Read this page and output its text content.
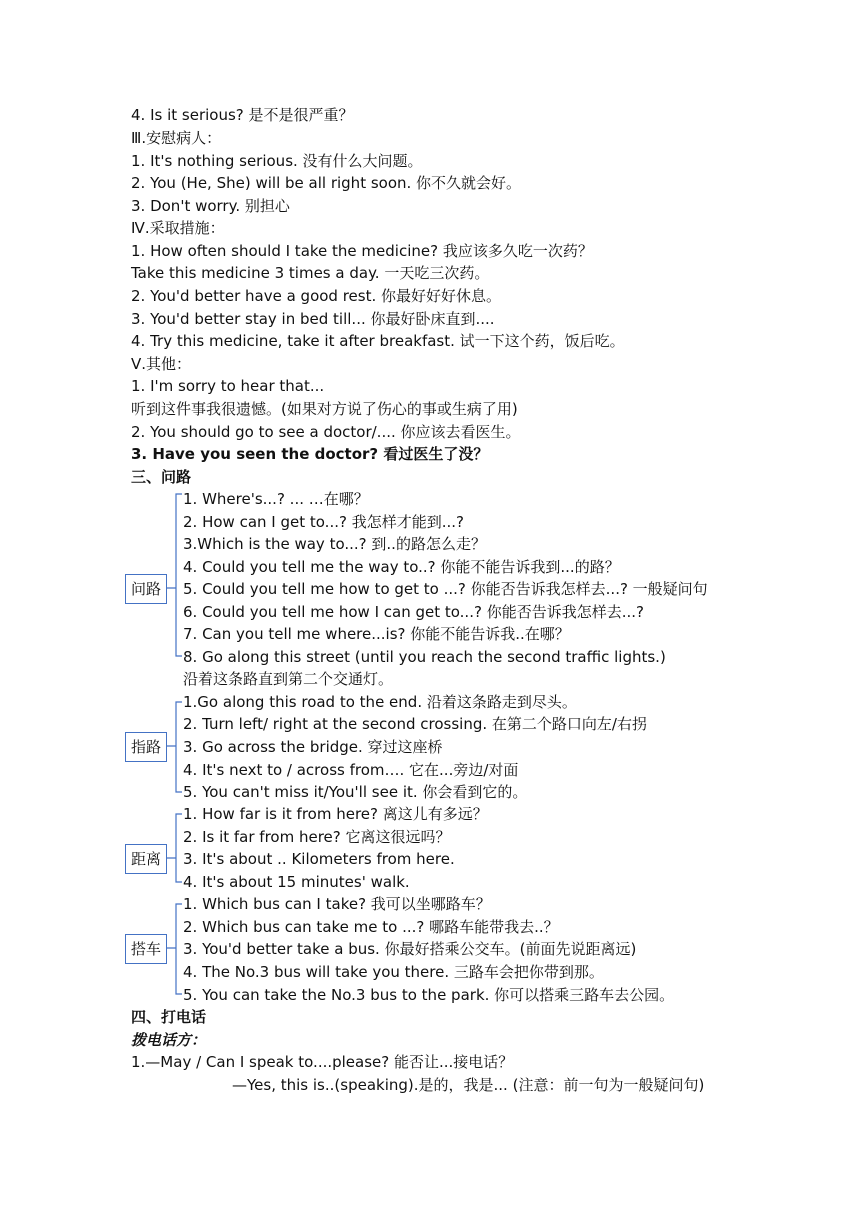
4. Is it serious? 是不是很严重？
Ⅲ.安慰病人：
1. It's nothing serious. 没有什么大问题。
2. You (He, She) will be all right soon. 你不久就会好。
3. Don't worry. 别担心
Ⅳ.采取措施：
1. How often should I take the medicine? 我应该多久吃一次药？
Take this medicine 3 times a day. 一天吃三次药。
2. You'd better have a good rest. 你最好好好休息。
3. You'd better stay in bed till... 你最好卧床直到....
4. Try this medicine, take it after breakfast. 试一下这个药，饭后吃。
Ⅴ.其他：
1. I'm sorry to hear that...
听到这件事我很遗憾。(如果对方说了伤心的事或生病了用)
2. You should go to see a doctor/.... 你应该去看医生。
3. Have you seen the doctor? 看过医生了没？
三、问路
问路
1. Where's...? ... …在哪？
2. How can I get to...? 我怎样才能到...?
3.Which is the way to...? 到..的路怎么走？
4. Could you tell me the way to..? 你能不能告诉我到...的路？
5. Could you tell me how to get to ...? 你能否告诉我怎样去...? 一般疑问句
6. Could you tell me how I can get to...? 你能否告诉我怎样去...?
7. Can you tell me where...is? 你能不能告诉我..在哪？
8. Go along this street (until you reach the second traffic lights.)
沿着这条路直到第二个交通灯。
指路
1.Go along this road to the end. 沿着这条路走到尽头。
2. Turn left/ right at the second crossing. 在第二个路口向左/右拐
3. Go across the bridge. 穿过这座桥
4. It's next to / across from…. 它在...旁边/对面
5. You can't miss it/You'll see it. 你会看到它的。
距离
1. How far is it from here? 离这儿有多远？
2. Is it far from here? 它离这很远吗？
3. It's about .. Kilometers from here.
4. It's about 15 minutes' walk.
搭车
1. Which bus can I take? 我可以坐哪路车？
2. Which bus can take me to ...? 哪路车能带我去..？
3. You'd better take a bus. 你最好搭乘公交车。(前面先说距离远)
4. The No.3 bus will take you there. 三路车会把你带到那。
5. You can take the No.3 bus to the park. 你可以搭乘三路车去公园。
四、打电话
拨电话方：
1.—May / Can I speak to....please? 能否让...接电话？
—Yes, this is..(speaking).是的，我是... (注意：前一句为一般疑问句)
